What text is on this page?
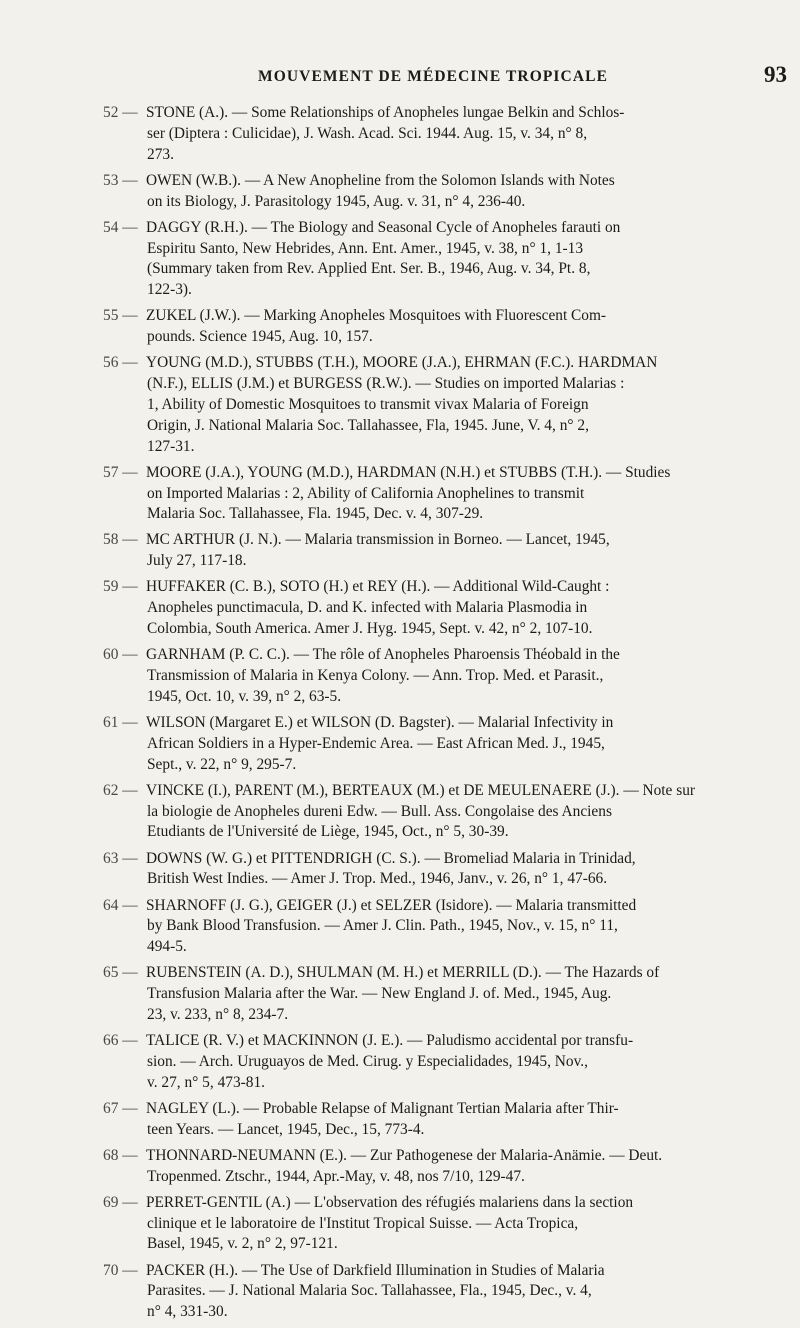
MOUVEMENT DE MÉDECINE TROPICALE	93
52 — STONE (A.). — Some Relationships of Anopheles lungae Belkin and Schlos-
ser (Diptera : Culicidae), J. Wash. Acad. Sci. 1944. Aug. 15, v. 34, n° 8,
273.
53 — OWEN (W.B.). — A New Anopheline from the Solomon Islands with Notes
on its Biology, J. Parasitology 1945, Aug. v. 31, n° 4, 236-40.
54 — DAGGY (R.H.). — The Biology and Seasonal Cycle of Anopheles farauti on
Espiritu Santo, New Hebrides, Ann. Ent. Amer., 1945, v. 38, n° 1, 1-13
(Summary taken from Rev. Applied Ent. Ser. B., 1946, Aug. v. 34, Pt. 8,
122-3).
55 — ZUKEL (J.W.). — Marking Anopheles Mosquitoes with Fluorescent Com-
pounds. Science 1945, Aug. 10, 157.
56 — YOUNG (M.D.), STUBBS (T.H.), MOORE (J.A.), EHRMAN (F.C.). HARDMAN
(N.F.), ELLIS (J.M.) et BURGESS (R.W.). — Studies on imported Malarias :
1, Ability of Domestic Mosquitoes to transmit vivax Malaria of Foreign
Origin, J. National Malaria Soc. Tallahassee, Fla, 1945. June, V. 4, n° 2,
127-31.
57 — MOORE (J.A.), YOUNG (M.D.), HARDMAN (N.H.) et STUBBS (T.H.). — Studies
on Imported Malarias : 2, Ability of California Anophelines to transmit
Malaria Soc. Tallahassee, Fla. 1945, Dec. v. 4, 307-29.
58 — MC ARTHUR (J. N.). — Malaria transmission in Borneo. — Lancet, 1945,
July 27, 117-18.
59 — HUFFAKER (C. B.), SOTO (H.) et REY (H.). — Additional Wild-Caught :
Anopheles punctimacula, D. and K. infected with Malaria Plasmodia in
Colombia, South America. Amer J. Hyg. 1945, Sept. v. 42, n° 2, 107-10.
60 — GARNHAM (P. C. C.). — The rôle of Anopheles Pharoensis Théobald in the
Transmission of Malaria in Kenya Colony. — Ann. Trop. Med. et Parasit.,
1945, Oct. 10, v. 39, n° 2, 63-5.
61 — WILSON (Margaret E.) et WILSON (D. Bagster). — Malarial Infectivity in
African Soldiers in a Hyper-Endemic Area. — East African Med. J., 1945,
Sept., v. 22, n° 9, 295-7.
62 — VINCKE (I.), PARENT (M.), BERTEAUX (M.) et DE MEULENAERE (J.). — Note sur
la biologie de Anopheles dureni Edw. — Bull. Ass. Congolaise des Anciens
Etudiants de l'Université de Liège, 1945, Oct., n° 5, 30-39.
63 — DOWNS (W. G.) et PITTENDRIGH (C. S.). — Bromeliad Malaria in Trinidad,
British West Indies. — Amer J. Trop. Med., 1946, Janv., v. 26, n° 1, 47-66.
64 — SHARNOFF (J. G.), GEIGER (J.) et SELZER (Isidore). — Malaria transmitted
by Bank Blood Transfusion. — Amer J. Clin. Path., 1945, Nov., v. 15, n° 11,
494-5.
65 — RUBENSTEIN (A. D.), SHULMAN (M. H.) et MERRILL (D.). — The Hazards of
Transfusion Malaria after the War. — New England J. of. Med., 1945, Aug.
23, v. 233, n° 8, 234-7.
66 — TALICE (R. V.) et MACKINNON (J. E.). — Paludismo accidental por transfu-
sion. — Arch. Uruguayos de Med. Cirug. y Especialidades, 1945, Nov.,
v. 27, n° 5, 473-81.
67 — NAGLEY (L.). — Probable Relapse of Malignant Tertian Malaria after Thir-
teen Years. — Lancet, 1945, Dec., 15, 773-4.
68 — THONNARD-NEUMANN (E.). — Zur Pathogenese der Malaria-Anämie. — Deut.
Tropenmed. Ztschr., 1944, Apr.-May, v. 48, nos 7/10, 129-47.
69 — PERRET-GENTIL (A.) — L'observation des réfugiés malariens dans la section
clinique et le laboratoire de l'Institut Tropical Suisse. — Acta Tropica,
Basel, 1945, v. 2, n° 2, 97-121.
70 — PACKER (H.). — The Use of Darkfield Illumination in Studies of Malaria
Parasites. — J. National Malaria Soc. Tallahassee, Fla., 1945, Dec., v. 4,
n° 4, 331-30.
